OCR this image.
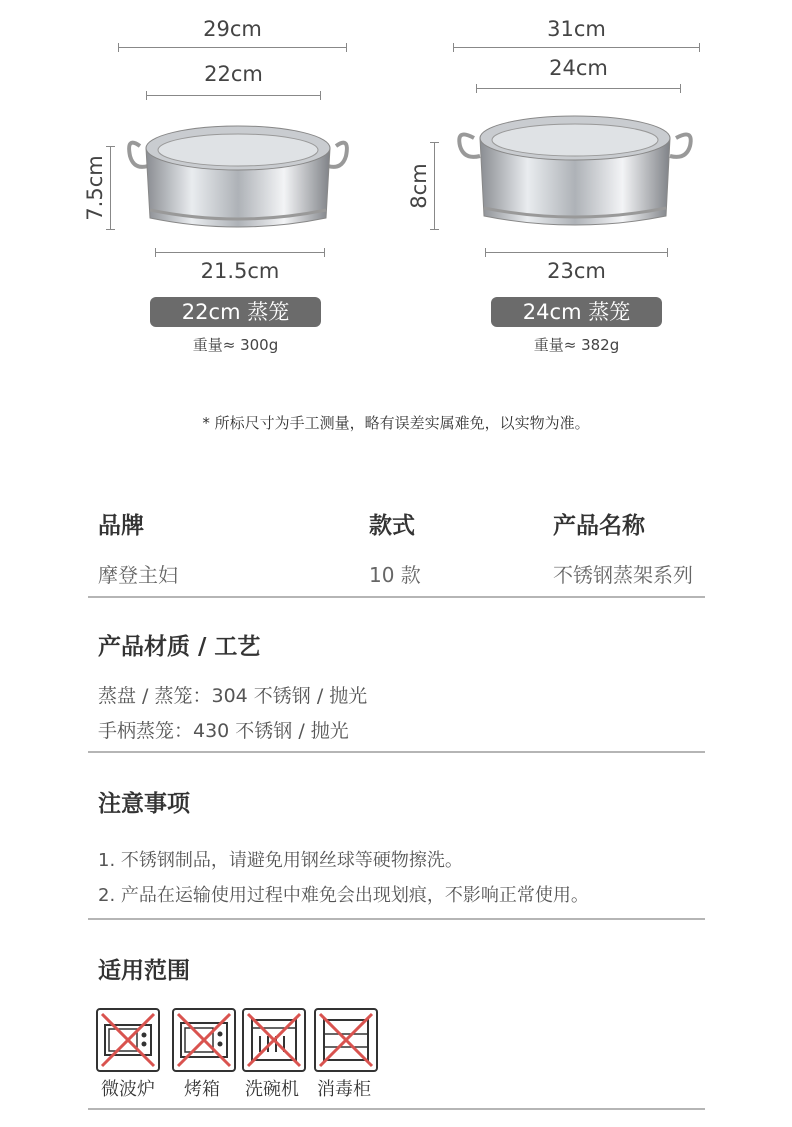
29cm
22cm
7.5cm
21.5cm
22cm 蒸笼
重量≈ 300g
31cm
24cm
8cm
23cm
24cm 蒸笼
重量≈ 382g
* 所标尺寸为手工测量，略有误差实属难免，以实物为准。
品牌	款式	产品名称
摩登主妇	10 款	不锈钢蒸架系列
产品材质 / 工艺
蒸盘 / 蒸笼：304 不锈钢 / 抛光
手柄蒸笼：430 不锈钢 / 抛光
注意事项
1. 不锈钢制品，请避免用钢丝球等硬物擦洗。
2. 产品在运输使用过程中难免会出现划痕，不影响正常使用。
适用范围
微波炉	烤箱	洗碗机	消毒柜
